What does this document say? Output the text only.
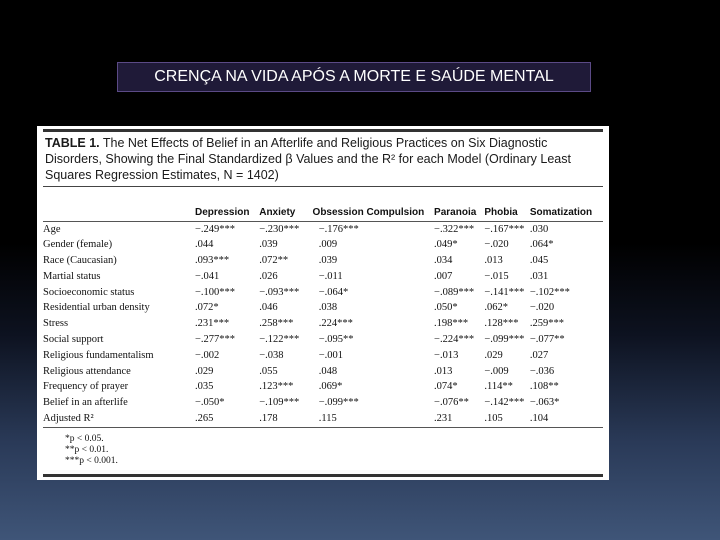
CRENÇA NA VIDA APÓS A MORTE E SAÚDE MENTAL
TABLE 1. The Net Effects of Belief in an Afterlife and Religious Practices on Six Diagnostic Disorders, Showing the Final Standardized β Values and the R² for each Model (Ordinary Least Squares Regression Estimates, N = 1402)
	Depression	Anxiety	Obsession Compulsion	Paranoia	Phobia	Somatization
Age	−.249***	−.230***	−.176***	−.322***	−.167***	.030
Gender (female)	.044	.039	.009	.049*	−.020	.064*
Race (Caucasian)	.093***	.072**	.039	.034	.013	.045
Martial status	−.041	.026	−.011	.007	−.015	.031
Socioeconomic status	−.100***	−.093***	−.064*	−.089***	−.141***	−.102***
Residential urban density	.072*	.046	.038	.050*	.062*	−.020
Stress	.231***	.258***	.224***	.198***	.128***	.259***
Social support	−.277***	−.122***	−.095**	−.224***	−.099***	−.077**
Religious fundamentalism	−.002	−.038	−.001	−.013	.029	.027
Religious attendance	.029	.055	.048	.013	−.009	−.036
Frequency of prayer	.035	.123***	.069*	.074*	.114**	.108**
Belief in an afterlife	−.050*	−.109***	−.099***	−.076**	−.142***	−.063*
Adjusted R²	.265	.178	.115	.231	.105	.104
*p < 0.05.
**p < 0.01.
***p < 0.001.
